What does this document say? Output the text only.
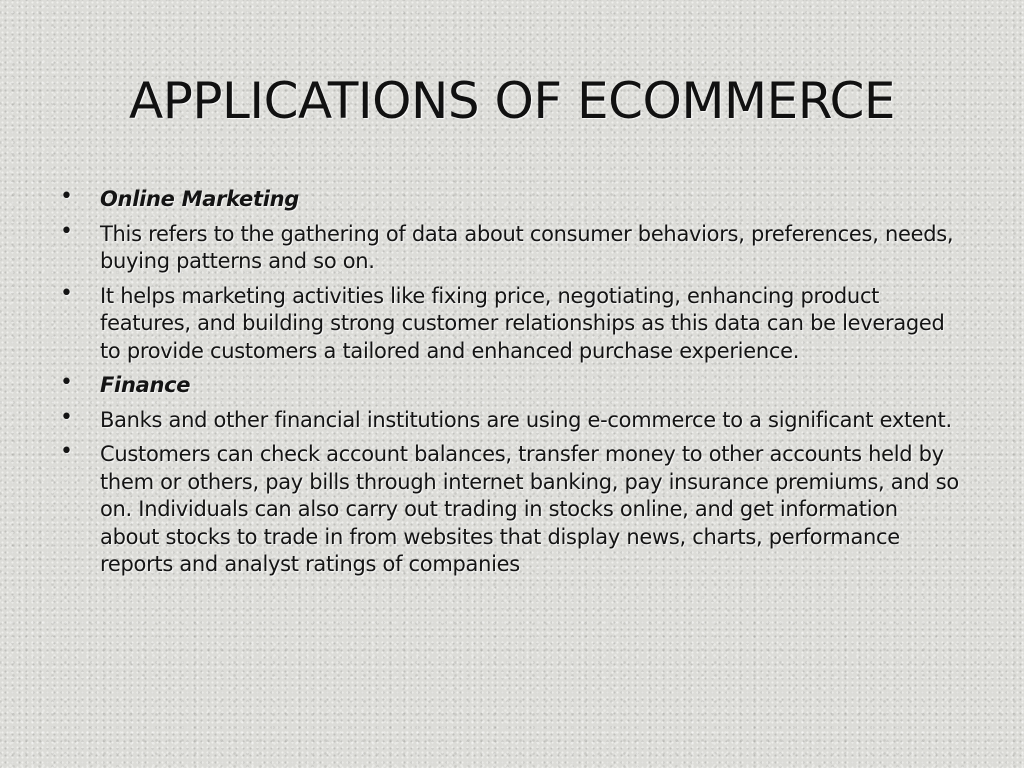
APPLICATIONS OF ECOMMERCE
• Online Marketing
• This refers to the gathering of data about consumer behaviors, preferences, needs, buying patterns and so on.
• It helps marketing activities like fixing price, negotiating, enhancing product features, and building strong customer relationships as this data can be leveraged to provide customers a tailored and enhanced purchase experience.
• Finance
• Banks and other financial institutions are using e-commerce to a significant extent.
• Customers can check account balances, transfer money to other accounts held by them or others, pay bills through internet banking, pay insurance premiums, and so on. Individuals can also carry out trading in stocks online, and get information about stocks to trade in from websites that display news, charts, performance reports and analyst ratings of companies
